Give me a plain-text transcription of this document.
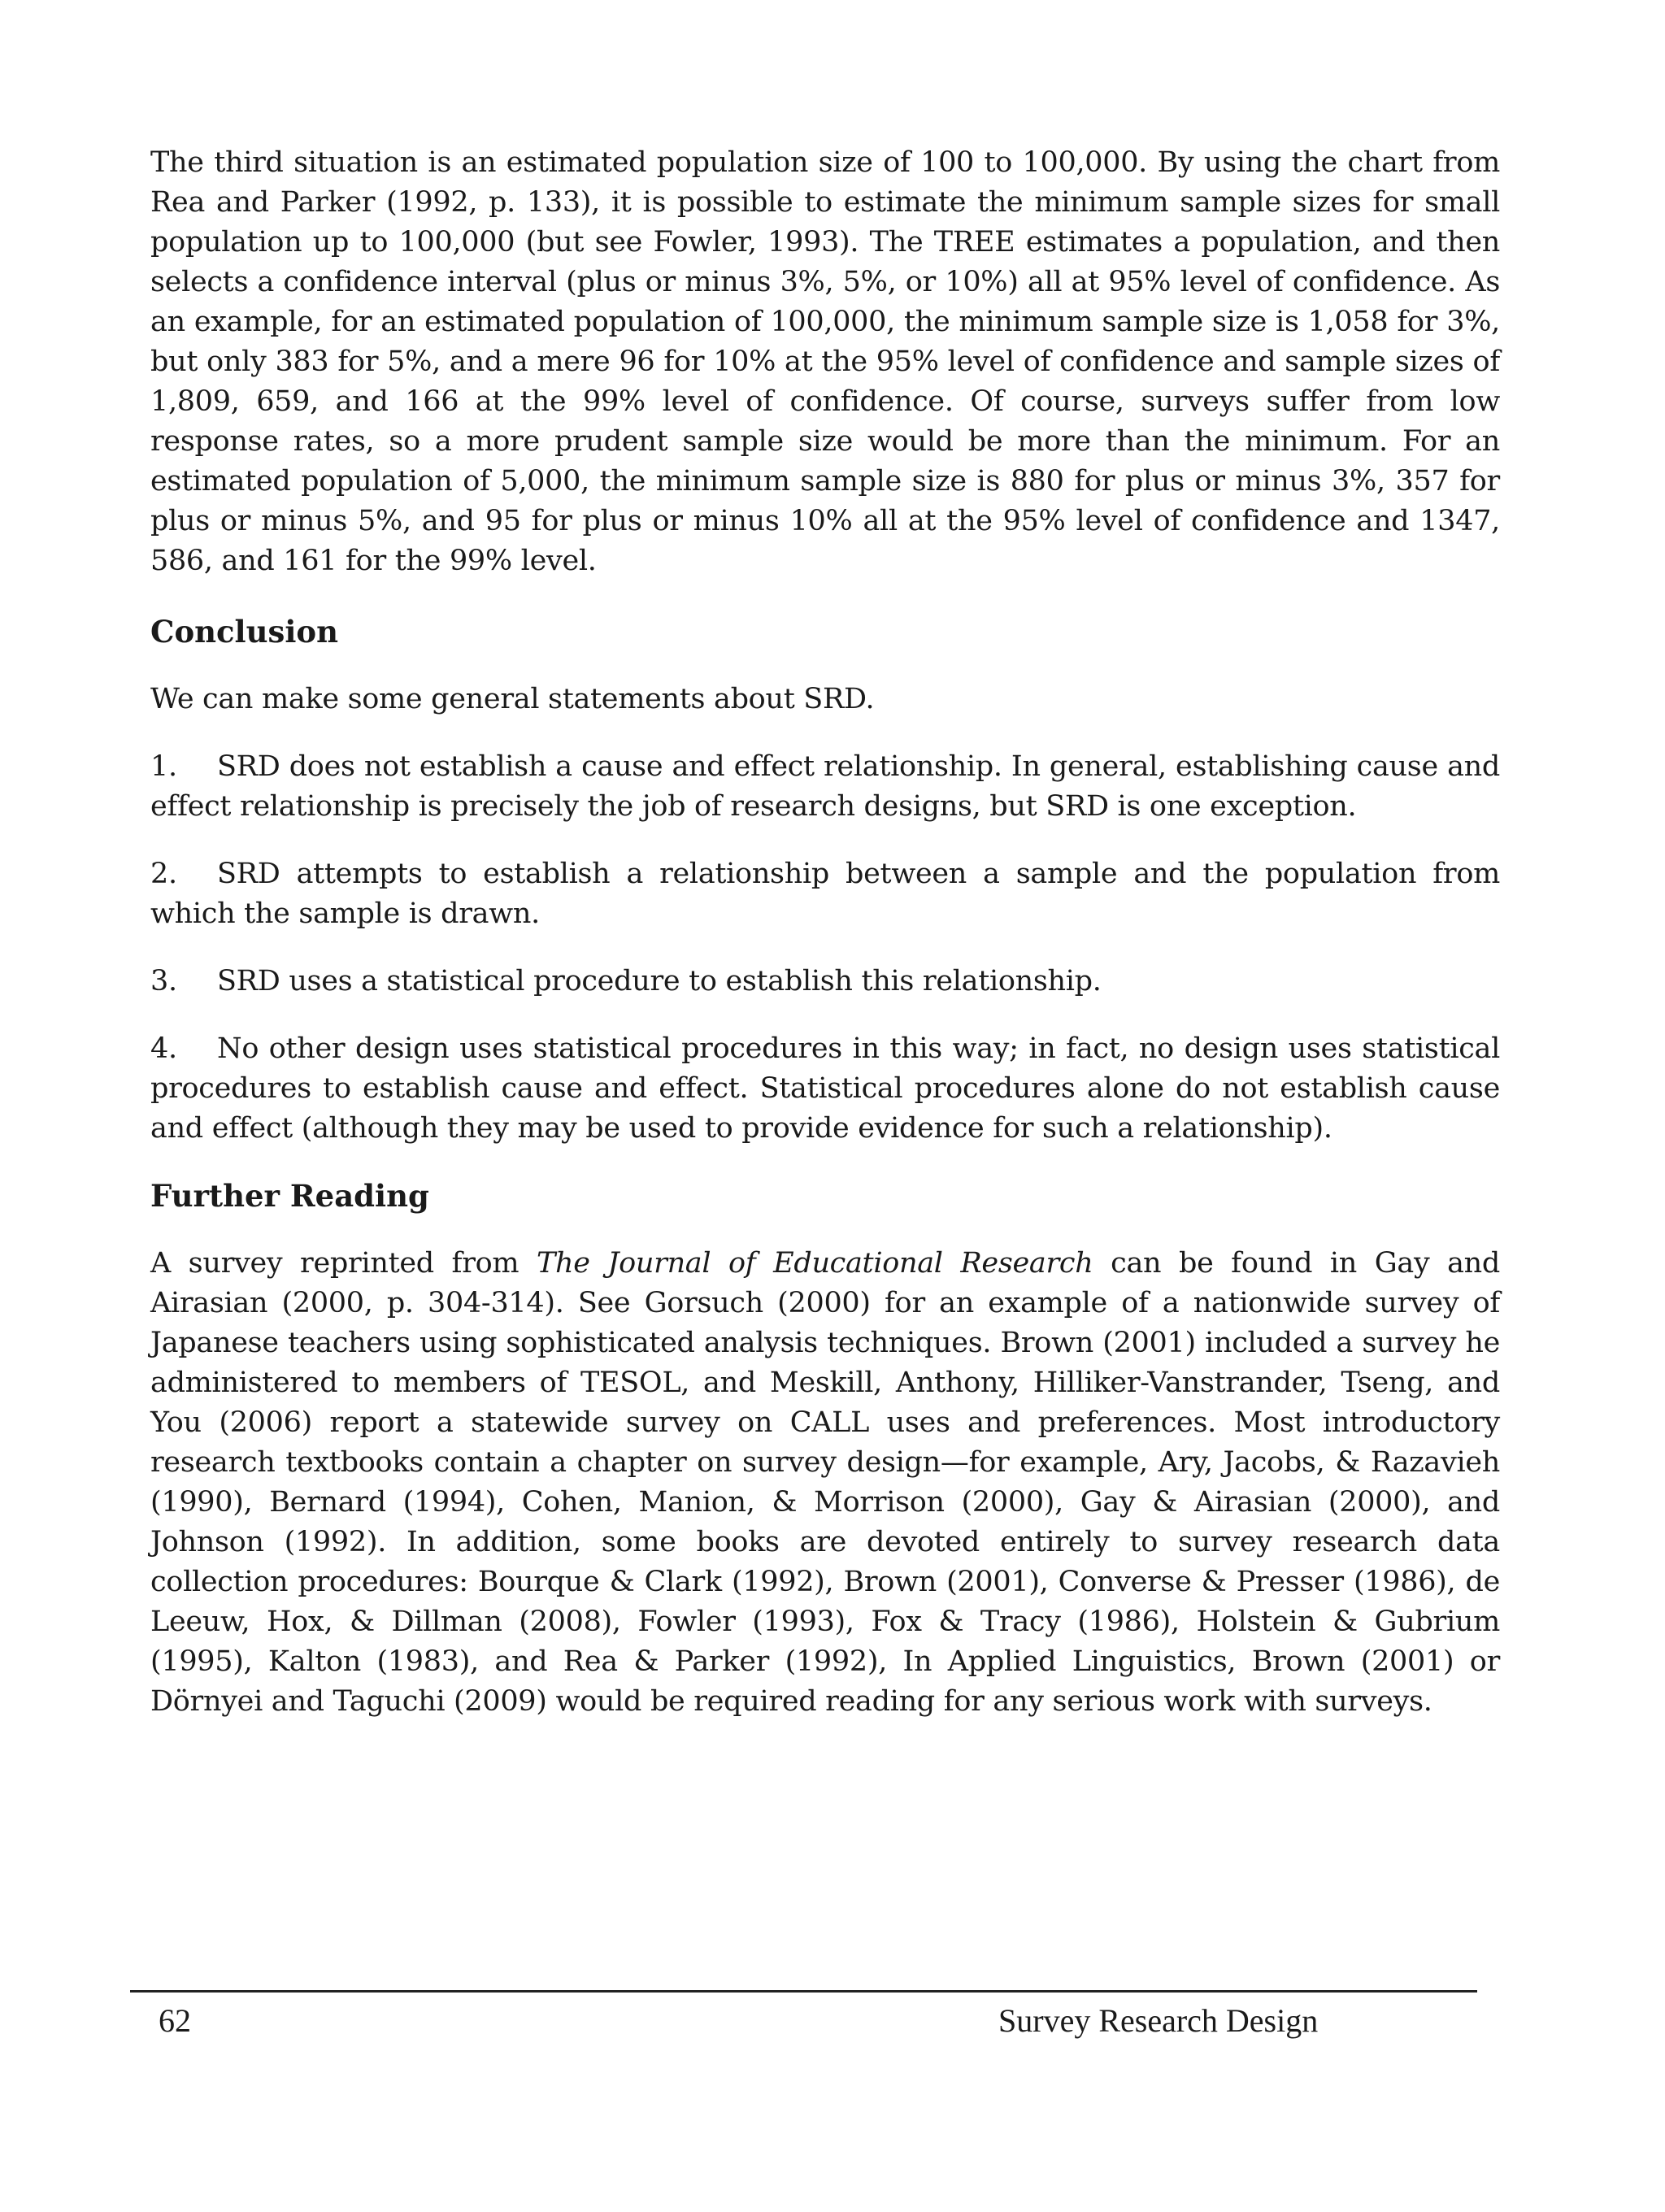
The third situation is an estimated population size of 100 to 100,000. By using the chart from Rea and Parker (1992, p. 133), it is possible to estimate the minimum sample sizes for small population up to 100,000 (but see Fowler, 1993). The TREE estimates a population, and then selects a confidence interval (plus or minus 3%, 5%, or 10%) all at 95% level of confidence. As an example, for an estimated population of 100,000, the minimum sample size is 1,058 for 3%, but only 383 for 5%, and a mere 96 for 10% at the 95% level of confidence and sample sizes of 1,809, 659, and 166 at the 99% level of confidence. Of course, surveys suffer from low response rates, so a more prudent sample size would be more than the minimum. For an estimated population of 5,000, the minimum sample size is 880 for plus or minus 3%, 357 for plus or minus 5%, and 95 for plus or minus 10% all at the 95% level of confidence and 1347, 586, and 161 for the 99% level.

Conclusion

We can make some general statements about SRD.

1. SRD does not establish a cause and effect relationship. In general, establishing cause and effect relationship is precisely the job of research designs, but SRD is one exception.
2. SRD attempts to establish a relationship between a sample and the population from which the sample is drawn.
3. SRD uses a statistical procedure to establish this relationship.
4. No other design uses statistical procedures in this way; in fact, no design uses statistical procedures to establish cause and effect. Statistical procedures alone do not establish cause and effect (although they may be used to provide evidence for such a relationship).
Further Reading

A survey reprinted from The Journal of Educational Research can be found in Gay and Airasian (2000, p. 304-314). See Gorsuch (2000) for an example of a nationwide survey of Japanese teachers using sophisticated analysis techniques. Brown (2001) included a survey he administered to members of TESOL, and Meskill, Anthony, Hilliker-Vanstrander, Tseng, and You (2006) report a statewide survey on CALL uses and preferences. Most introductory research textbooks contain a chapter on survey design—for example, Ary, Jacobs, & Razavieh (1990), Bernard (1994), Cohen, Manion, & Morrison (2000), Gay & Airasian (2000), and Johnson (1992). In addition, some books are devoted entirely to survey research data collection procedures: Bourque & Clark (1992), Brown (2001), Converse & Presser (1986), de Leeuw, Hox, & Dillman (2008), Fowler (1993), Fox & Tracy (1986), Holstein & Gubrium (1995), Kalton (1983), and Rea & Parker (1992), In Applied Linguistics, Brown (2001) or Dörnyei and Taguchi (2009) would be required reading for any serious work with surveys.

62	Survey Research Design
